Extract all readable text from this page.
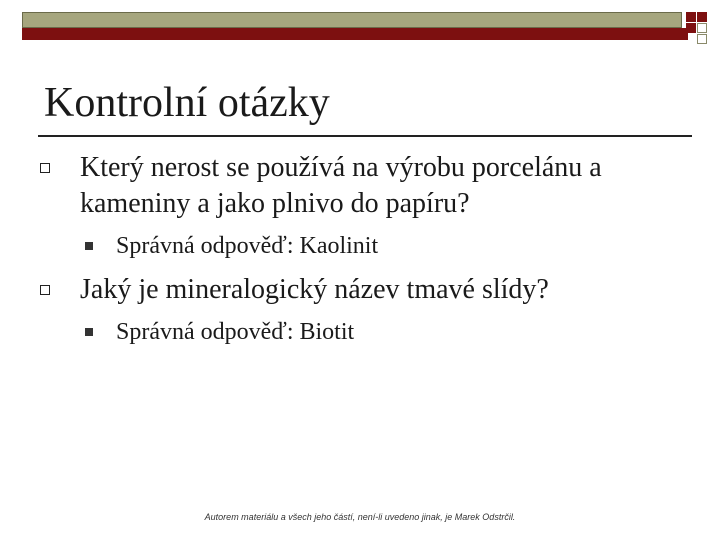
Kontrolní otázky

Který nerost se používá na výrobu porcelánu a kameniny a jako plnivo do papíru?

Správná odpověď: Kaolinit

Jaký je mineralogický název tmavé slídy?

Správná odpověď: Biotit

Autorem materiálu a všech jeho částí, není-li uvedeno jinak, je Marek Odstrčil.
